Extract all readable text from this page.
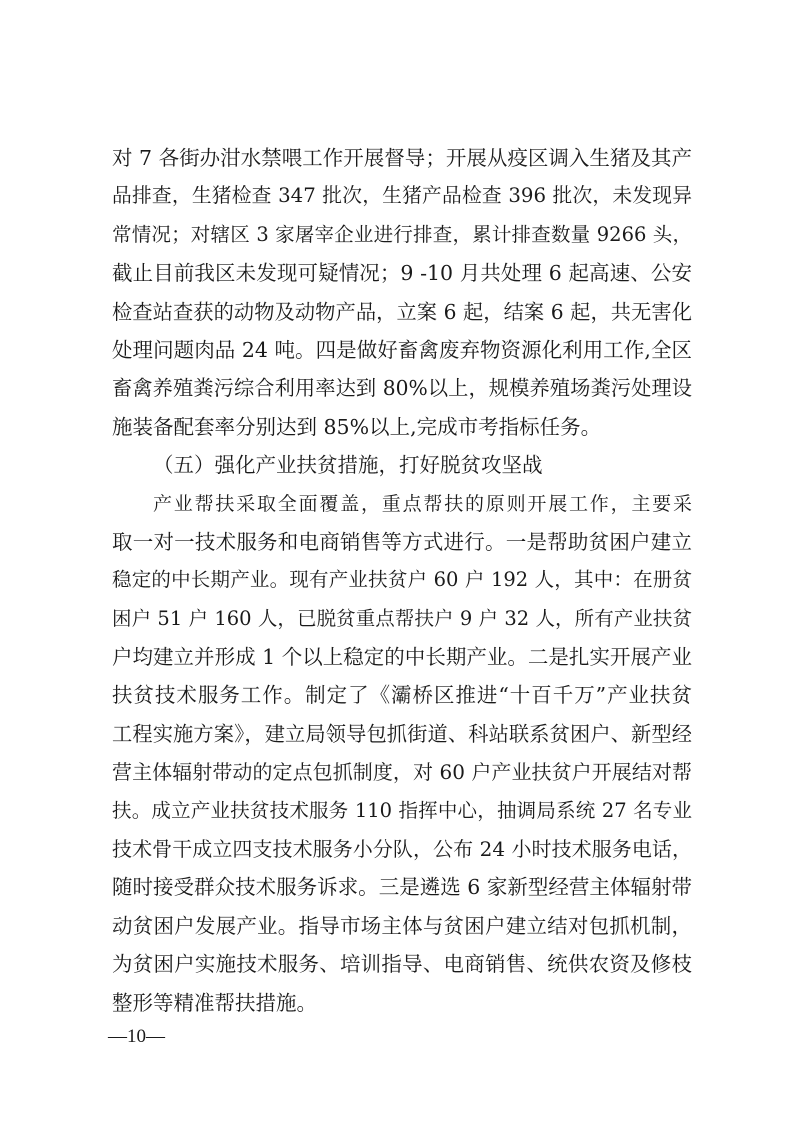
对 7 各街办泔水禁喂工作开展督导；开展从疫区调入生猪及其产
品排查，生猪检查 347 批次，生猪产品检查 396 批次，未发现异
常情况；对辖区 3 家屠宰企业进行排查，累计排查数量 9266 头，
截止目前我区未发现可疑情况；9 -10 月共处理 6 起高速、公安
检查站查获的动物及动物产品，立案 6 起，结案 6 起，共无害化
处理问题肉品 24 吨。四是做好畜禽废弃物资源化利用工作,全区
畜禽养殖粪污综合利用率达到 80%以上，规模养殖场粪污处理设
施装备配套率分别达到 85%以上,完成市考指标任务。
（五）强化产业扶贫措施，打好脱贫攻坚战
产业帮扶采取全面覆盖，重点帮扶的原则开展工作，主要采
取一对一技术服务和电商销售等方式进行。一是帮助贫困户建立
稳定的中长期产业。现有产业扶贫户 60 户 192 人，其中：在册贫
困户 51 户 160 人，已脱贫重点帮扶户 9 户 32 人，所有产业扶贫
户均建立并形成 1 个以上稳定的中长期产业。二是扎实开展产业
扶贫技术服务工作。制定了《灞桥区推进“十百千万”产业扶贫
工程实施方案》，建立局领导包抓街道、科站联系贫困户、新型经
营主体辐射带动的定点包抓制度，对 60 户产业扶贫户开展结对帮
扶。成立产业扶贫技术服务 110 指挥中心，抽调局系统 27 名专业
技术骨干成立四支技术服务小分队，公布 24 小时技术服务电话，
随时接受群众技术服务诉求。三是遴选 6 家新型经营主体辐射带
动贫困户发展产业。指导市场主体与贫困户建立结对包抓机制，
为贫困户实施技术服务、培训指导、电商销售、统供农资及修枝
整形等精准帮扶措施。
—10—
